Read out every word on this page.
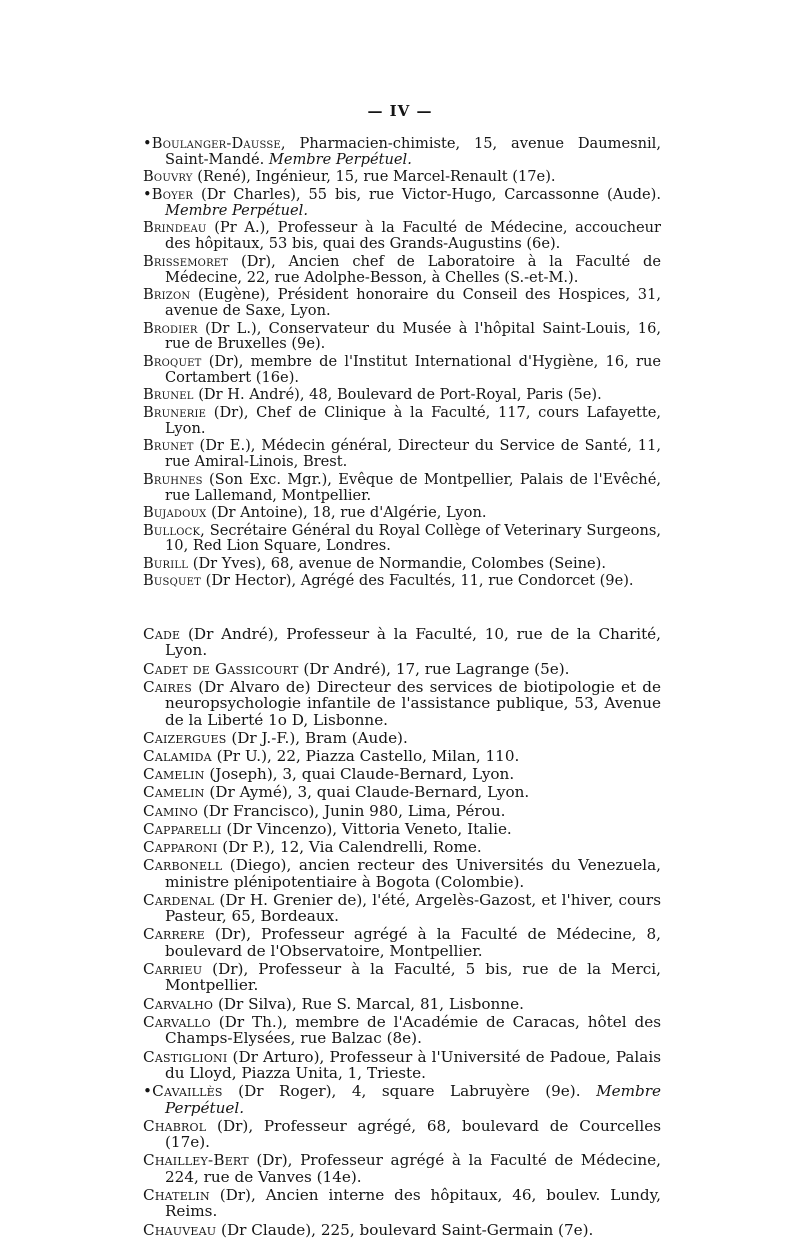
— IV —

•Boulanger-Dausse, Pharmacien-chimiste, 15, avenue Daumesnil, Saint-Mandé. Membre Perpétuel.

Bouvry (René), Ingénieur, 15, rue Marcel-Renault (17e).

•Boyer (Dr Charles), 55 bis, rue Victor-Hugo, Carcassonne (Aude). Membre Perpétuel.

Brindeau (Pr A.), Professeur à la Faculté de Médecine, accoucheur des hôpitaux, 53 bis, quai des Grands-Augustins (6e).

Brissemoret (Dr), Ancien chef de Laboratoire à la Faculté de Médecine, 22, rue Adolphe-Besson, à Chelles (S.-et-M.).

Brizon (Eugène), Président honoraire du Conseil des Hospices, 31, avenue de Saxe, Lyon.

Brodier (Dr L.), Conservateur du Musée à l'hôpital Saint-Louis, 16, rue de Bruxelles (9e).

Broquet (Dr), membre de l'Institut International d'Hygiène, 16, rue Cortambert (16e).

Brunel (Dr H. André), 48, Boulevard de Port-Royal, Paris (5e).

Brunerie (Dr), Chef de Clinique à la Faculté, 117, cours Lafayette, Lyon.

Brunet (Dr E.), Médecin général, Directeur du Service de Santé, 11, rue Amiral-Linois, Brest.

Bruhnes (Son Exc. Mgr.), Evêque de Montpellier, Palais de l'Evêché, rue Lallemand, Montpellier.

Bujadoux (Dr Antoine), 18, rue d'Algérie, Lyon.

Bullock, Secrétaire Général du Royal Collège of Veterinary Surgeons, 10, Red Lion Square, Londres.

Burill (Dr Yves), 68, avenue de Normandie, Colombes (Seine).

Busquet (Dr Hector), Agrégé des Facultés, 11, rue Condorcet (9e).

Cade (Dr André), Professeur à la Faculté, 10, rue de la Charité, Lyon.

Cadet de Gassicourt (Dr André), 17, rue Lagrange (5e).

Caires (Dr Alvaro de) Directeur des services de biotipologie et de neuropsychologie infantile de l'assistance publique, 53, Avenue de la Liberté 1o D, Lisbonne.

Caizergues (Dr J.-F.), Bram (Aude).

Calamida (Pr U.), 22, Piazza Castello, Milan, 110.

Camelin (Joseph), 3, quai Claude-Bernard, Lyon.

Camelin (Dr Aymé), 3, quai Claude-Bernard, Lyon.

Camino (Dr Francisco), Junin 980, Lima, Pérou.

Capparelli (Dr Vincenzo), Vittoria Veneto, Italie.

Capparoni (Dr P.), 12, Via Calendrelli, Rome.

Carbonell (Diego), ancien recteur des Universités du Venezuela, ministre plénipotentiaire à Bogota (Colombie).

Cardenal (Dr H. Grenier de), l'été, Argelès-Gazost, et l'hiver, cours Pasteur, 65, Bordeaux.

Carrere (Dr), Professeur agrégé à la Faculté de Médecine, 8, boulevard de l'Observatoire, Montpellier.

Carrieu (Dr), Professeur à la Faculté, 5 bis, rue de la Merci, Montpellier.

Carvalho (Dr Silva), Rue S. Marcal, 81, Lisbonne.

Carvallo (Dr Th.), membre de l'Académie de Caracas, hôtel des Champs-Elysées, rue Balzac (8e).

Castiglioni (Dr Arturo), Professeur à l'Université de Padoue, Palais du Lloyd, Piazza Unita, 1, Trieste.

•Cavaillès (Dr Roger), 4, square Labruyère (9e). Membre Perpétuel.

Chabrol (Dr), Professeur agrégé, 68, boulevard de Courcelles (17e).

Chailley-Bert (Dr), Professeur agrégé à la Faculté de Médecine, 224, rue de Vanves (14e).

Chatelin (Dr), Ancien interne des hôpitaux, 46, boulev. Lundy, Reims.

Chauveau (Dr Claude), 225, boulevard Saint-Germain (7e).
